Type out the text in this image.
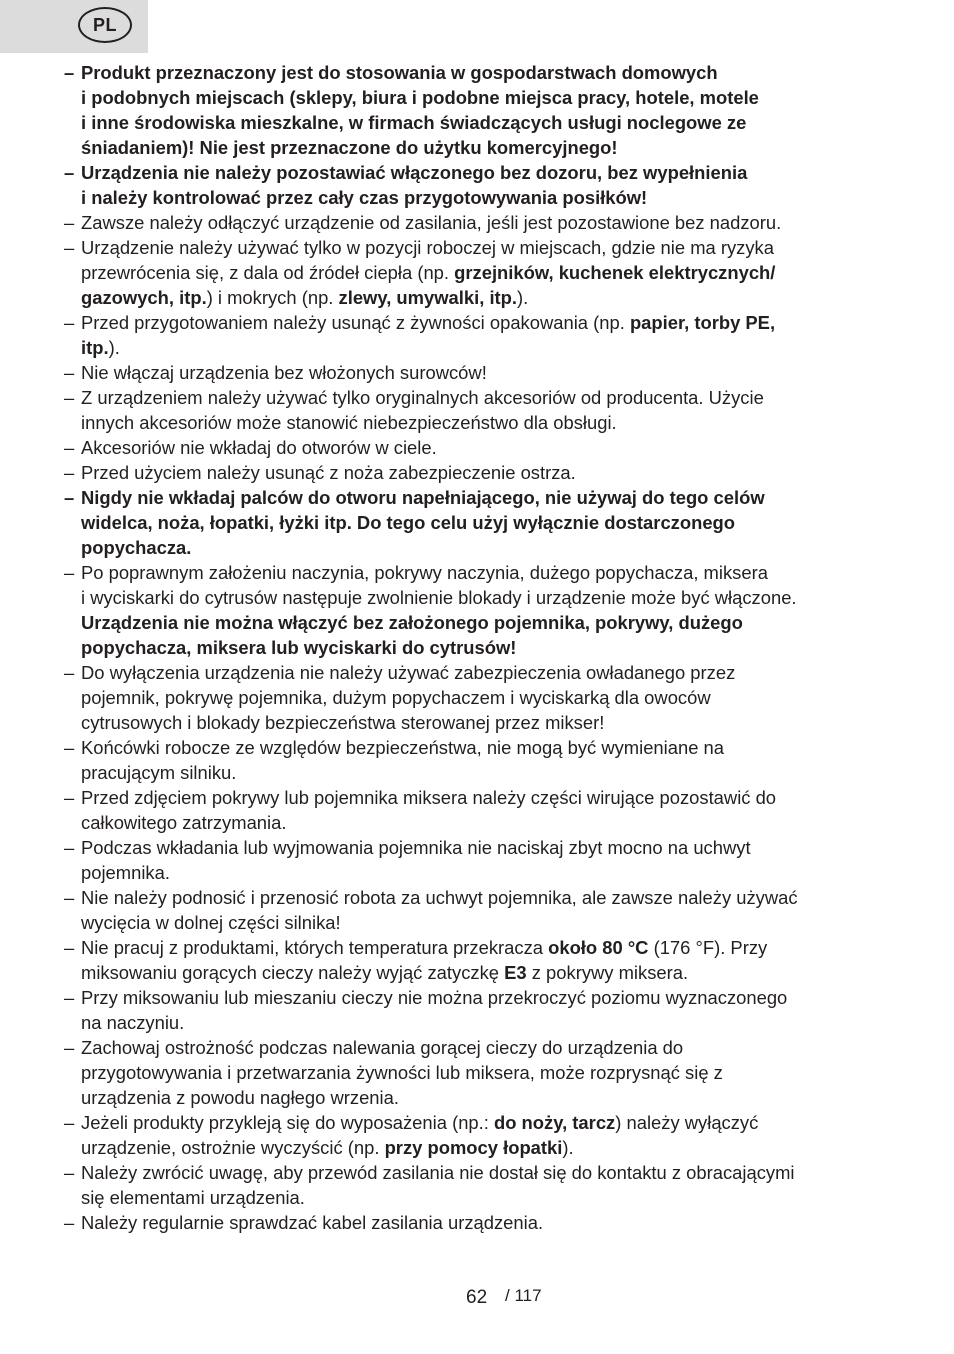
PL
– Produkt przeznaczony jest do stosowania w gospodarstwach domowych
i podobnych miejscach (sklepy, biura i podobne miejsca pracy, hotele, motele
i inne środowiska mieszkalne, w firmach świadczących usługi noclegowe ze
śniadaniem)! Nie jest przeznaczone do użytku komercyjnego!
– Urządzenia nie należy pozostawiać włączonego bez dozoru, bez wypełnienia
i należy kontrolować przez cały czas przygotowywania posiłków!
– Zawsze należy odłączyć urządzenie od zasilania, jeśli jest pozostawione bez nadzoru.
– Urządzenie należy używać tylko w pozycji roboczej w miejscach, gdzie nie ma ryzyka
przewrócenia się, z dala od źródeł ciepła (np. grzejników, kuchenek elektrycznych/
gazowych, itp.) i mokrych (np. zlewy, umywalki, itp.).
– Przed przygotowaniem należy usunąć z żywności opakowania (np. papier, torby PE,
itp.).
– Nie włączaj urządzenia bez włożonych surowców!
– Z urządzeniem należy używać tylko oryginalnych akcesoriów od producenta. Użycie
innych akcesoriów może stanowić niebezpieczeństwo dla obsługi.
– Akcesoriów nie wkładaj do otworów w ciele.
– Przed użyciem należy usunąć z noża zabezpieczenie ostrza.
– Nigdy nie wkładaj palców do otworu napełniającego, nie używaj do tego celów
widelca, noża, łopatki, łyżki itp. Do tego celu użyj wyłącznie dostarczonego
popychacza.
– Po poprawnym założeniu naczynia, pokrywy naczynia, dużego popychacza, miksera
i wyciskarki do cytrusów następuje zwolnienie blokady i urządzenie może być włączone.
Urządzenia nie można włączyć bez założonego pojemnika, pokrywy, dużego
popychacza, miksera lub wyciskarki do cytrusów!
– Do wyłączenia urządzenia nie należy używać zabezpieczenia owładanego przez
pojemnik, pokrywę pojemnika, dużym popychaczem i wyciskarką dla owoców
cytrusowych i blokady bezpieczeństwa sterowanej przez mikser!
– Końcówki robocze ze względów bezpieczeństwa, nie mogą być wymieniane na
pracującym silniku.
– Przed zdjęciem pokrywy lub pojemnika miksera należy części wirujące pozostawić do
całkowitego zatrzymania.
– Podczas wkładania lub wyjmowania pojemnika nie naciskaj zbyt mocno na uchwyt
pojemnika.
– Nie należy podnosić i przenosić robota za uchwyt pojemnika, ale zawsze należy używać
wycięcia w dolnej części silnika!
– Nie pracuj z produktami, których temperatura przekracza około 80 °C (176 °F). Przy
miksowaniu gorących cieczy należy wyjąć zatyczkę E3 z pokrywy miksera.
– Przy miksowaniu lub mieszaniu cieczy nie można przekroczyć poziomu wyznaczonego
na naczyniu.
– Zachowaj ostrożność podczas nalewania gorącej cieczy do urządzenia do
przygotowywania i przetwarzania żywności lub miksera, może rozprysnąć się z
urządzenia z powodu nagłego wrzenia.
– Jeżeli produkty przykleją się do wyposażenia (np.: do noży, tarcz) należy wyłączyć
urządzenie, ostrożnie wyczyścić (np. przy pomocy łopatki).
– Należy zwrócić uwagę, aby przewód zasilania nie dostał się do kontaktu z obracającymi
się elementami urządzenia.
– Należy regularnie sprawdzać kabel zasilania urządzenia.
62 / 117
